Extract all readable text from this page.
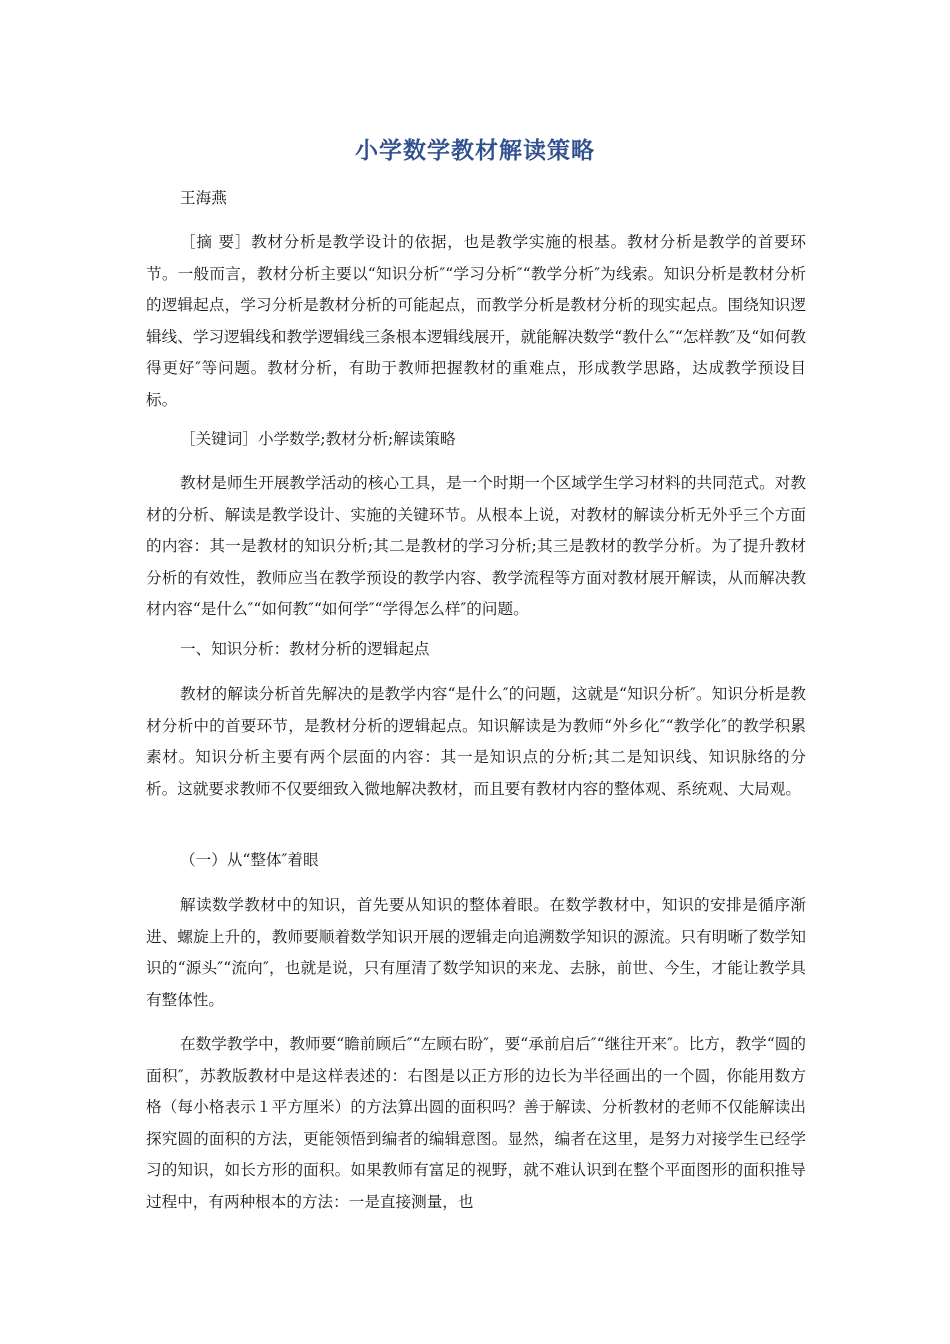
小学数学教材解读策略

王海燕

［摘 要］教材分析是教学设计的依据，也是教学实施的根基。教材分析是教学的首要环节。一般而言，教材分析主要以“知识分析″“学习分析″“教学分析″为线索。知识分析是教材分析的逻辑起点，学习分析是教材分析的可能起点，而教学分析是教材分析的现实起点。围绕知识逻辑线、学习逻辑线和教学逻辑线三条根本逻辑线展开，就能解决数学“教什么″“怎样教″及“如何教得更好″等问题。教材分析，有助于教师把握教材的重难点，形成教学思路，达成教学预设目标。

［关键词］小学数学;教材分析;解读策略

教材是师生开展教学活动的核心工具，是一个时期一个区域学生学习材料的共同范式。对教材的分析、解读是教学设计、实施的关键环节。从根本上说，对教材的解读分析无外乎三个方面的内容：其一是教材的知识分析;其二是教材的学习分析;其三是教材的教学分析。为了提升教材分析的有效性，教师应当在教学预设的教学内容、教学流程等方面对教材展开解读，从而解决教材内容“是什么″“如何教″“如何学″“学得怎么样″的问题。

一、知识分析：教材分析的逻辑起点

教材的解读分析首先解决的是教学内容“是什么″的问题，这就是“知识分析″。知识分析是教材分析中的首要环节，是教材分析的逻辑起点。知识解读是为教师“外乡化″“教学化″的教学积累素材。知识分析主要有两个层面的内容：其一是知识点的分析;其二是知识线、知识脉络的分析。这就要求教师不仅要细致入微地解决教材，而且要有教材内容的整体观、系统观、大局观。

（一）从“整体″着眼

解读数学教材中的知识，首先要从知识的整体着眼。在数学教材中，知识的安排是循序渐进、螺旋上升的，教师要顺着数学知识开展的逻辑走向追溯数学知识的源流。只有明晰了数学知识的“源头″“流向″，也就是说，只有厘清了数学知识的来龙、去脉，前世、今生，才能让教学具有整体性。

在数学教学中，教师要“瞻前顾后″“左顾右盼″，要“承前启后″“继往开来″。比方，教学“圆的面积″，苏教版教材中是这样表述的：右图是以正方形的边长为半径画出的一个圆，你能用数方格（每小格表示１平方厘米）的方法算出圆的面积吗？善于解读、分析教材的老师不仅能解读出探究圆的面积的方法，更能领悟到编者的编辑意图。显然，编者在这里，是努力对接学生已经学习的知识，如长方形的面积。如果教师有富足的视野，就不难认识到在整个平面图形的面积推导过程中，有两种根本的方法：一是直接测量，也
